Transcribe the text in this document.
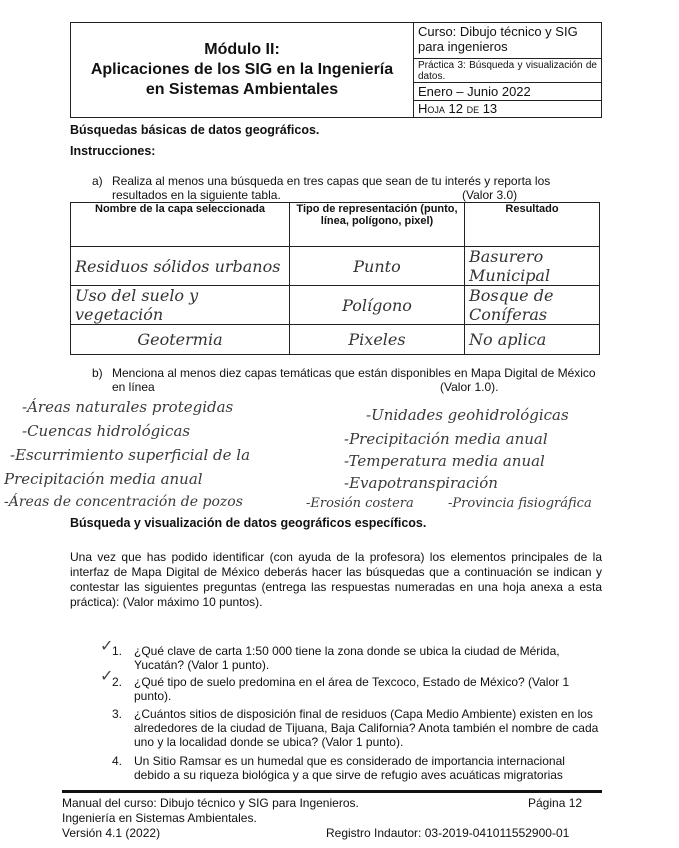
Módulo II:
Aplicaciones de los SIG en la Ingeniería
en Sistemas Ambientales
Curso: Dibujo técnico y SIG para ingenieros
Práctica 3: Búsqueda y visualización de datos.
Enero – Junio 2022
Hoja 12 de 13
Búsquedas básicas de datos geográficos.
Instrucciones:
a) Realiza al menos una búsqueda en tres capas que sean de tu interés y reporta los resultados en la siguiente tabla.	(Valor 3.0)
Nombre de la capa seleccionada	Tipo de representación (punto, línea, polígono, pixel)	Resultado
Residuos sólidos urbanos	Punto	Basurero Municipal
Uso del suelo y vegetación	Polígono	Bosque de Coníferas
Geotermia	Pixeles	No aplica
b) Menciona al menos diez capas temáticas que están disponibles en Mapa Digital de México en línea	(Valor 1.0).
-Áreas naturales protegidas
-Cuencas hidrológicas
-Escurrimiento superficial de la
Precipitación media anual
-Áreas de concentración de pozos
-Unidades geohidrológicas
-Precipitación media anual
-Temperatura media anual
-Evapotranspiración
-Erosión costera	-Provincia fisiográfica
Búsqueda y visualización de datos geográficos específicos.
Una vez que has podido identificar (con ayuda de la profesora) los elementos principales de la interfaz de Mapa Digital de México deberás hacer las búsquedas que a continuación se indican y contestar las siguientes preguntas (entrega las respuestas numeradas en una hoja anexa a esta práctica): (Valor máximo 10 puntos).
✓
✓
1. ¿Qué clave de carta 1:50 000 tiene la zona donde se ubica la ciudad de Mérida, Yucatán? (Valor 1 punto).
2. ¿Qué tipo de suelo predomina en el área de Texcoco, Estado de México? (Valor 1 punto).
3. ¿Cuántos sitios de disposición final de residuos (Capa Medio Ambiente) existen en los alrededores de la ciudad de Tijuana, Baja California? Anota también el nombre de cada uno y la localidad donde se ubica? (Valor 1 punto).
4. Un Sitio Ramsar es un humedal que es considerado de importancia internacional debido a su riqueza biológica y a que sirve de refugio aves acuáticas migratorias
Manual del curso: Dibujo técnico y SIG para Ingenieros.	Página 12
Ingeniería en Sistemas Ambientales.
Versión 4.1 (2022)	Registro Indautor: 03-2019-041011552900-01
